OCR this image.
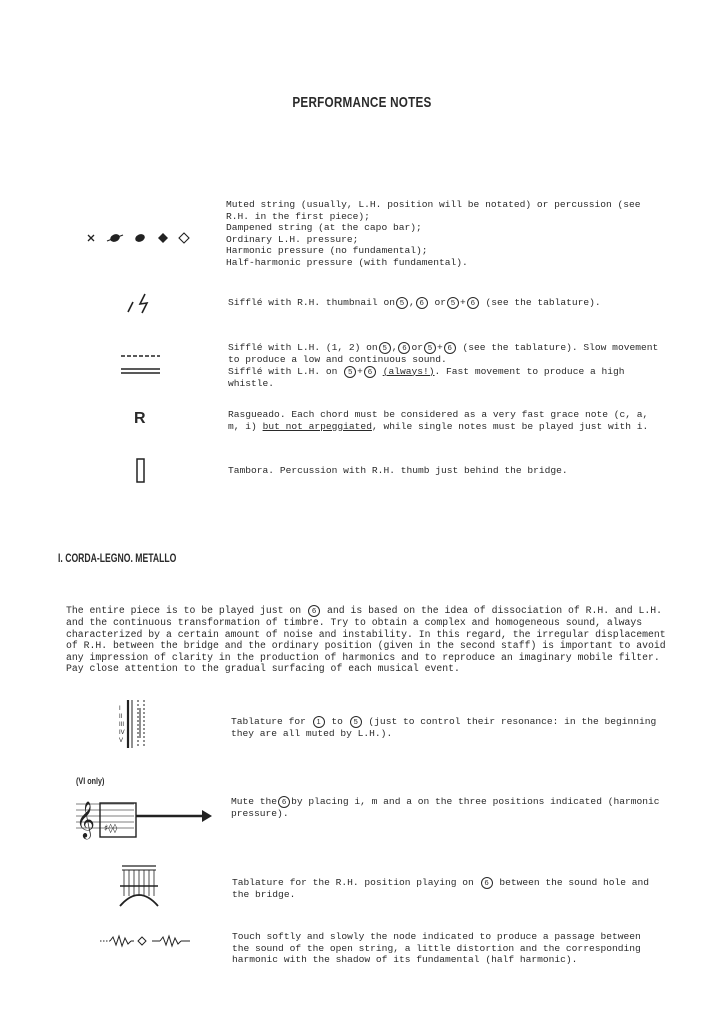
PERFORMANCE NOTES
Muted string (usually, L.H. position will be notated) or percussion (see
R.H. in the first piece);
Dampened string (at the capo bar);
Ordinary L.H. pressure;
Harmonic pressure (no fundamental);
Half-harmonic pressure (with fundamental).
Sifflé with R.H. thumbnail on 5 , 6 or 5 + 6 (see the tablature).
Sifflé with L.H. (1, 2) on 5 , 6 or 5 + 6 (see the tablature). Slow movement
to produce a low and continuous sound.
Sifflé with L.H. on 5 + 6 (always!). Fast movement to produce a high
whistle.
R	Rasgueado. Each chord must be considered as a very fast grace note (c, a,
m, i) but not arpeggiated, while single notes must be played just with i.
Tambora. Percussion with R.H. thumb just behind the bridge.
I. CORDA-LEGNO. METALLO
The entire piece is to be played just on 6 and is based on the idea of dissociation of R.H. and L.H.
and the continuous transformation of timbre. Try to obtain a complex and homogeneous sound, always
characterized by a certain amount of noise and instability. In this regard, the irregular displacement
of R.H. between the bridge and the ordinary position (given in the second staff) is important to avoid
any impression of clarity in the production of harmonics and to reproduce an imaginary mobile filter.
Pay close attention to the gradual surfacing of each musical event.
I
II
III
IV
V
Tablature for 1 to 5 (just to control their resonance: in the beginning
they are all muted by L.H.).
(VI only)
𝄞 ♯◊◊
Mute the 6 by placing i, m and a on the three positions indicated (harmonic
pressure).
Tablature for the R.H. position playing on 6 between the sound hole and
the bridge.
Touch softly and slowly the node indicated to produce a passage between
the sound of the open string, a little distortion and the corresponding
harmonic with the shadow of its fundamental (half harmonic).
